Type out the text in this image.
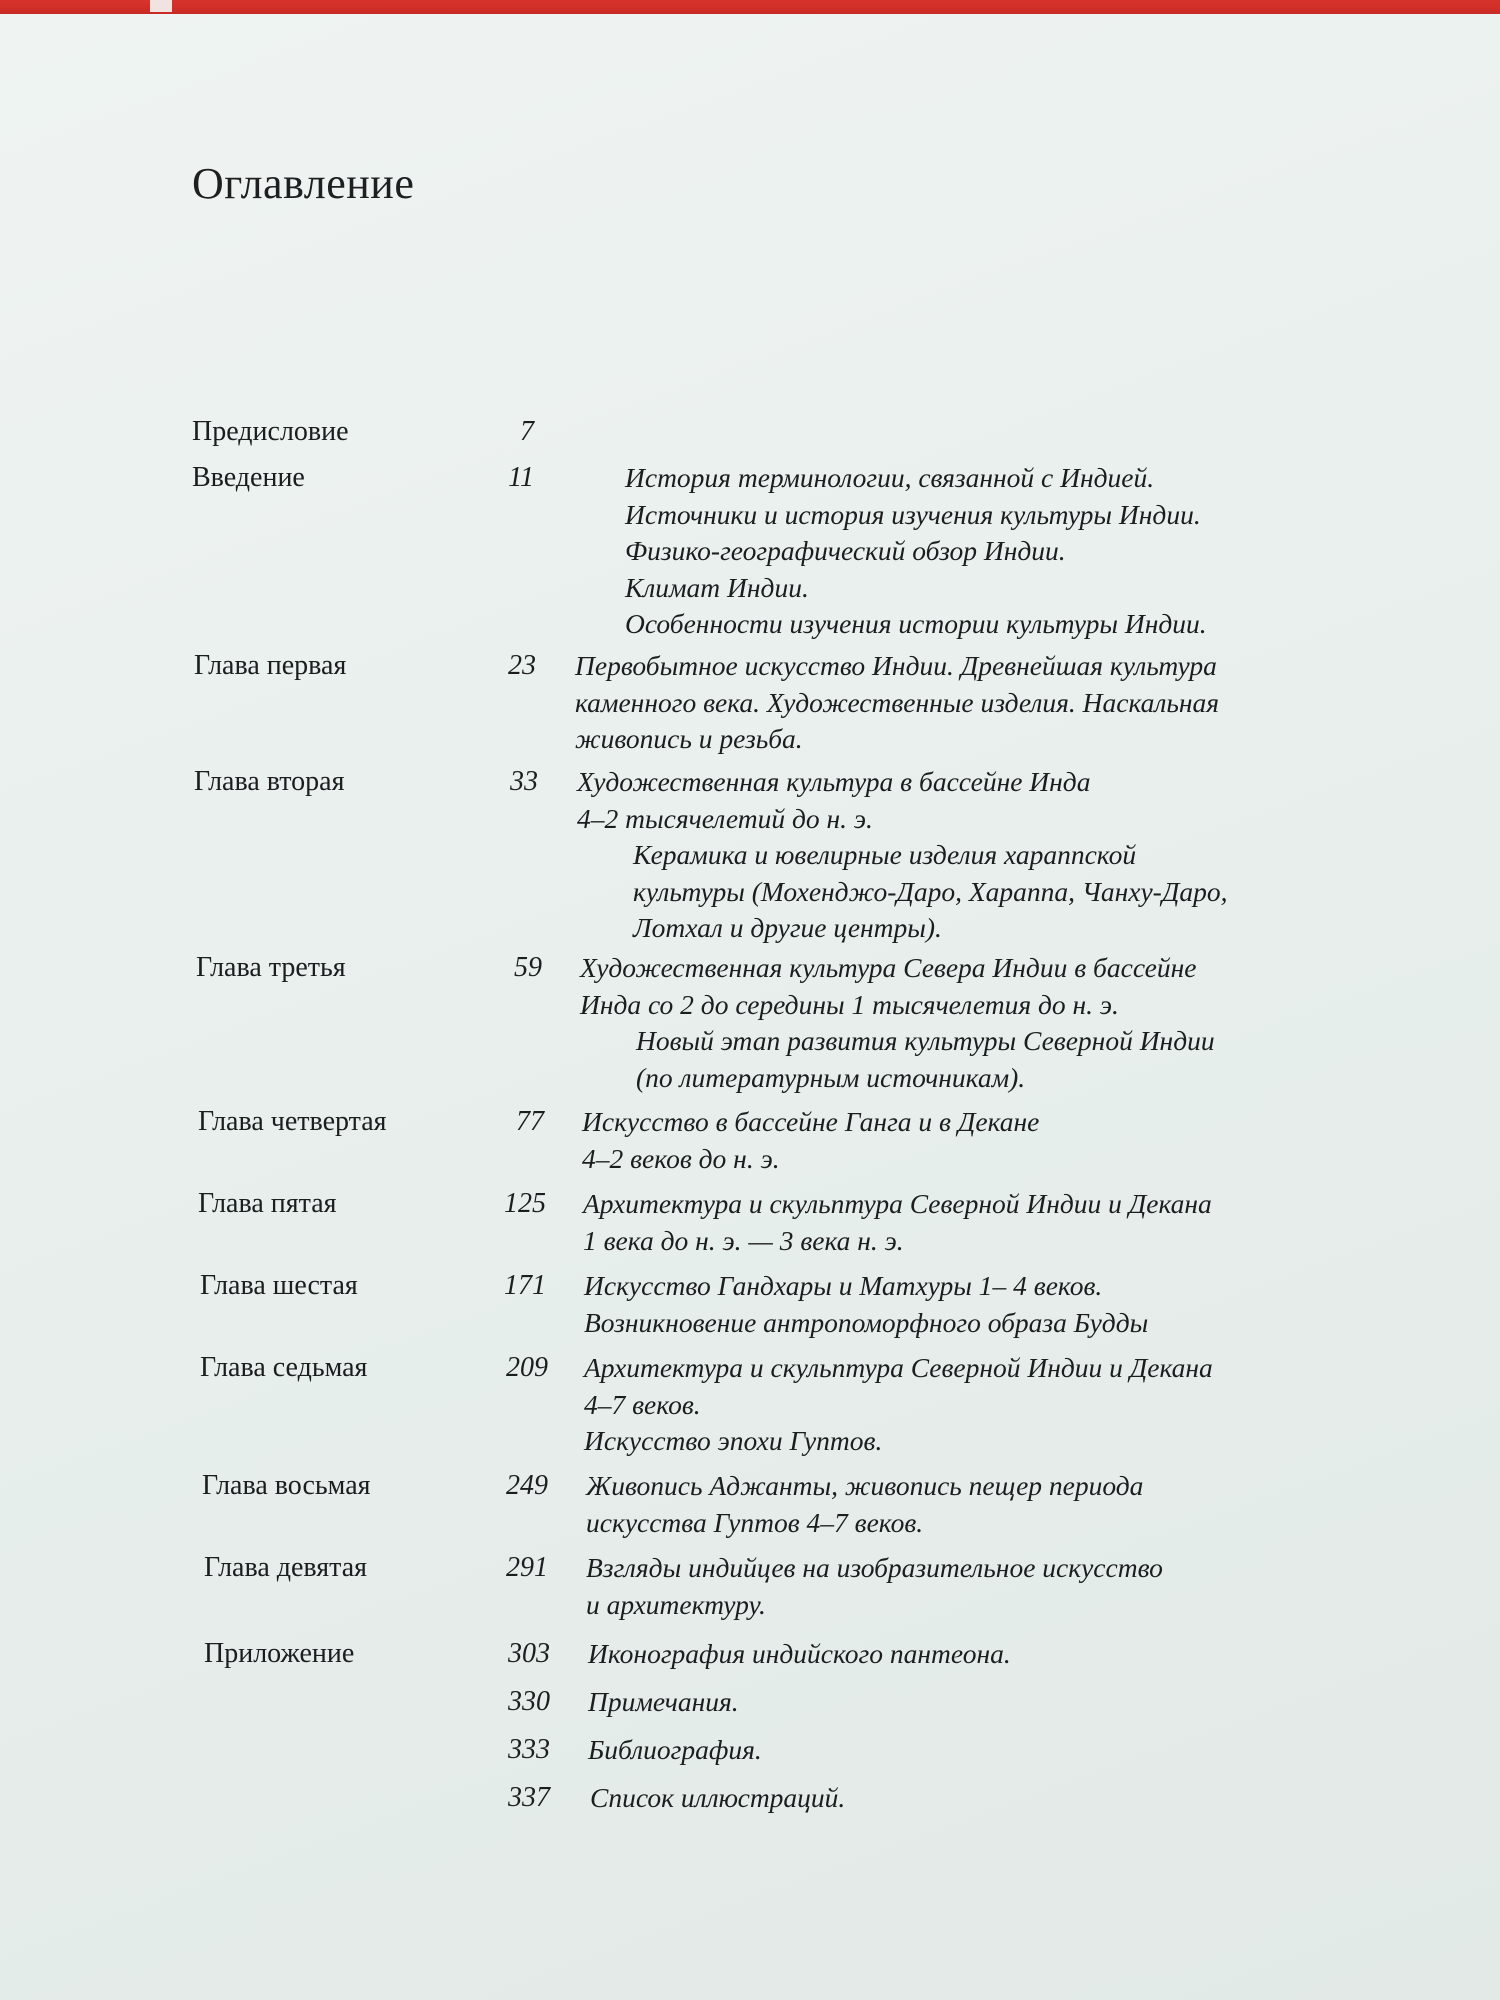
Оглавление
Предисловие	7
Введение	11	История терминологии, связанной с Индией.
Источники и история изучения культуры Индии.
Физико-географический обзор Индии.
Климат Индии.
Особенности изучения истории культуры Индии.
Глава первая	23 Первобытное искусство Индии. Древнейшая культура
каменного века. Художественные изделия. Наскальная
живопись и резьба.
Глава вторая	33 Художественная культура в бассейне Инда
4–2 тысячелетий до н. э.
Керамика и ювелирные изделия хараппской
культуры (Мохенджо-Даро, Хараппа, Чанху-Даро,
Лотхал и другие центры).
Глава третья	59 Художественная культура Севера Индии в бассейне
Инда со 2 до середины 1 тысячелетия до н. э.
Новый этап развития культуры Северной Индии
(по литературным источникам).
Глава четвертая	77 Искусство в бассейне Ганга и в Декане
4–2 веков до н. э.
Глава пятая	125 Архитектура и скульптура Северной Индии и Декана
1 века до н. э. — 3 века н. э.
Глава шестая	171 Искусство Гандхары и Матхуры 1– 4 веков.
Возникновение антропоморфного образа Будды
Глава седьмая	209 Архитектура и скульптура Северной Индии и Декана
4–7 веков.
Искусство эпохи Гуптов.
Глава восьмая	249 Живопись Аджанты, живопись пещер периода
искусства Гуптов 4–7 веков.
Глава девятая	291 Взгляды индийцев на изобразительное искусство
и архитектуру.
Приложение	303 Иконография индийского пантеона.
330 Примечания.
333 Библиография.
337 Список иллюстраций.
